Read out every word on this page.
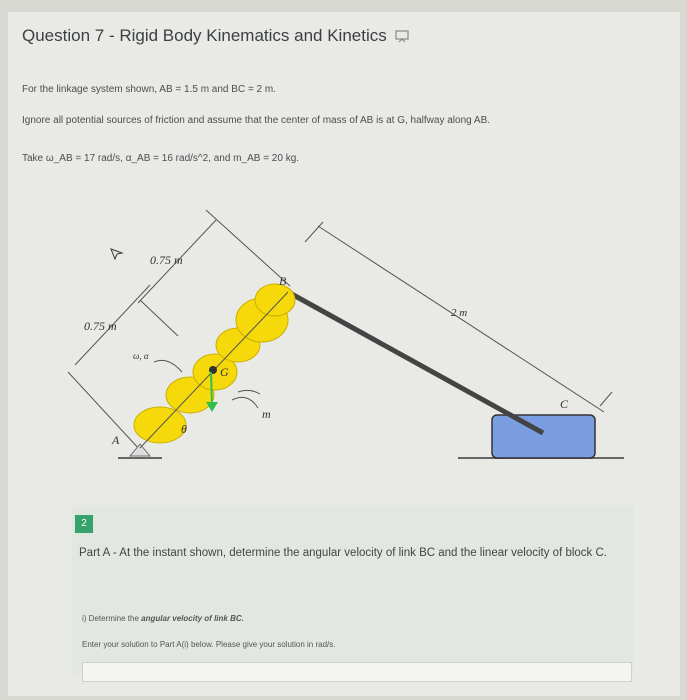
Question 7 - Rigid Body Kinematics and Kinetics
For the linkage system shown, AB = 1.5 m and BC = 2 m.
Ignore all potential sources of friction and assume that the center of mass of AB is at G, halfway along AB.
Take ω_AB = 17 rad/s, α_AB = 16 rad/s^2, and m_AB = 20 kg.
0.75 m
0.75 m
2 m
ω, α
A
B
C
G
θ
m
2
Part A - At the instant shown, determine the angular velocity of link BC and the linear velocity of block C.
i) Determine the angular velocity of link BC.
Enter your solution to Part A(i) below. Please give your solution in rad/s.
